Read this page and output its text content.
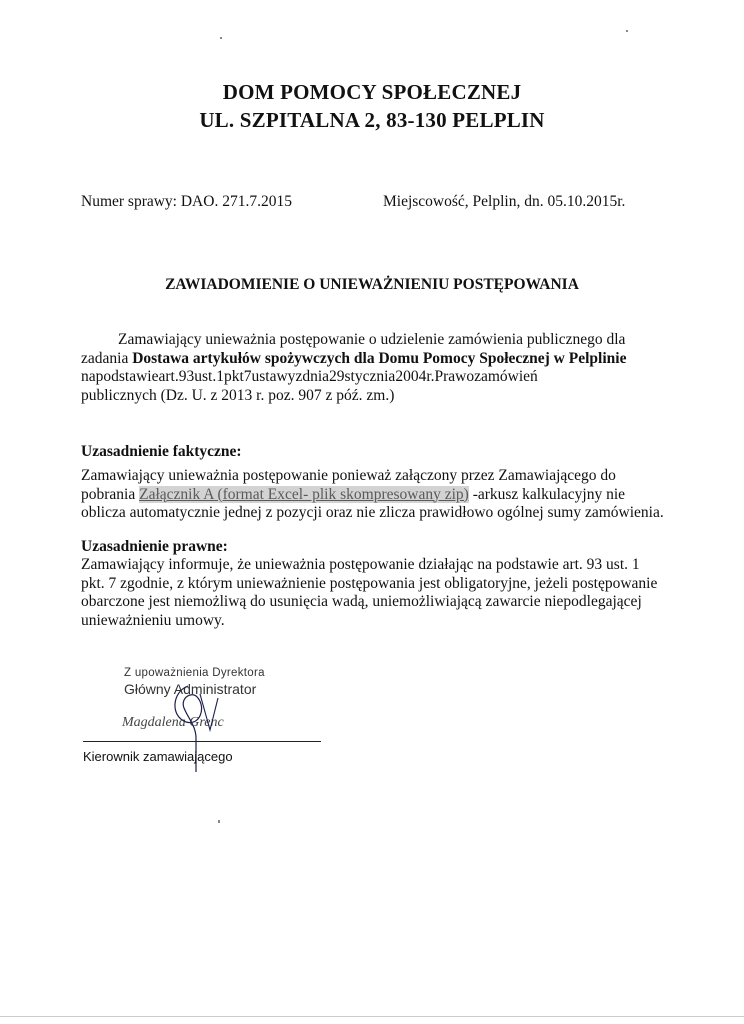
DOM POMOCY SPOŁECZNEJ
UL. SZPITALNA 2, 83-130 PELPLIN
Numer sprawy: DAO. 271.7.2015	Miejscowość, Pelplin, dn. 05.10.2015r.
ZAWIADOMIENIE O UNIEWAŻNIENIU POSTĘPOWANIA
Zamawiający unieważnia postępowanie o udzielenie zamówienia publicznego dla
zadania Dostawa artykułów spożywczych dla Domu Pomocy Społecznej w Pelplinie
napodstawieart.93ust.1pkt7ustawyzdnia29stycznia2004r.Prawozamówień
publicznych (Dz. U. z 2013 r. poz. 907 z póź. zm.)
Uzasadnienie faktyczne:
Zamawiający unieważnia postępowanie ponieważ załączony przez Zamawiającego do
pobrania Załącznik A (format Excel- plik skompresowany zip) -arkusz kalkulacyjny nie
oblicza automatycznie jednej z pozycji oraz nie zlicza prawidłowo ogólnej sumy zamówienia.
Uzasadnienie prawne:
Zamawiający informuje, że unieważnia postępowanie działając na podstawie art. 93 ust. 1
pkt. 7 zgodnie, z którym unieważnienie postępowania jest obligatoryjne, jeżeli postępowanie
obarczone jest niemożliwą do usunięcia wadą, uniemożliwiającą zawarcie niepodlegającej
unieważnieniu umowy.
Z upoważnienia Dyrektora
Główny Administrator
Magdalena Grenc
Kierownik zamawiającego
